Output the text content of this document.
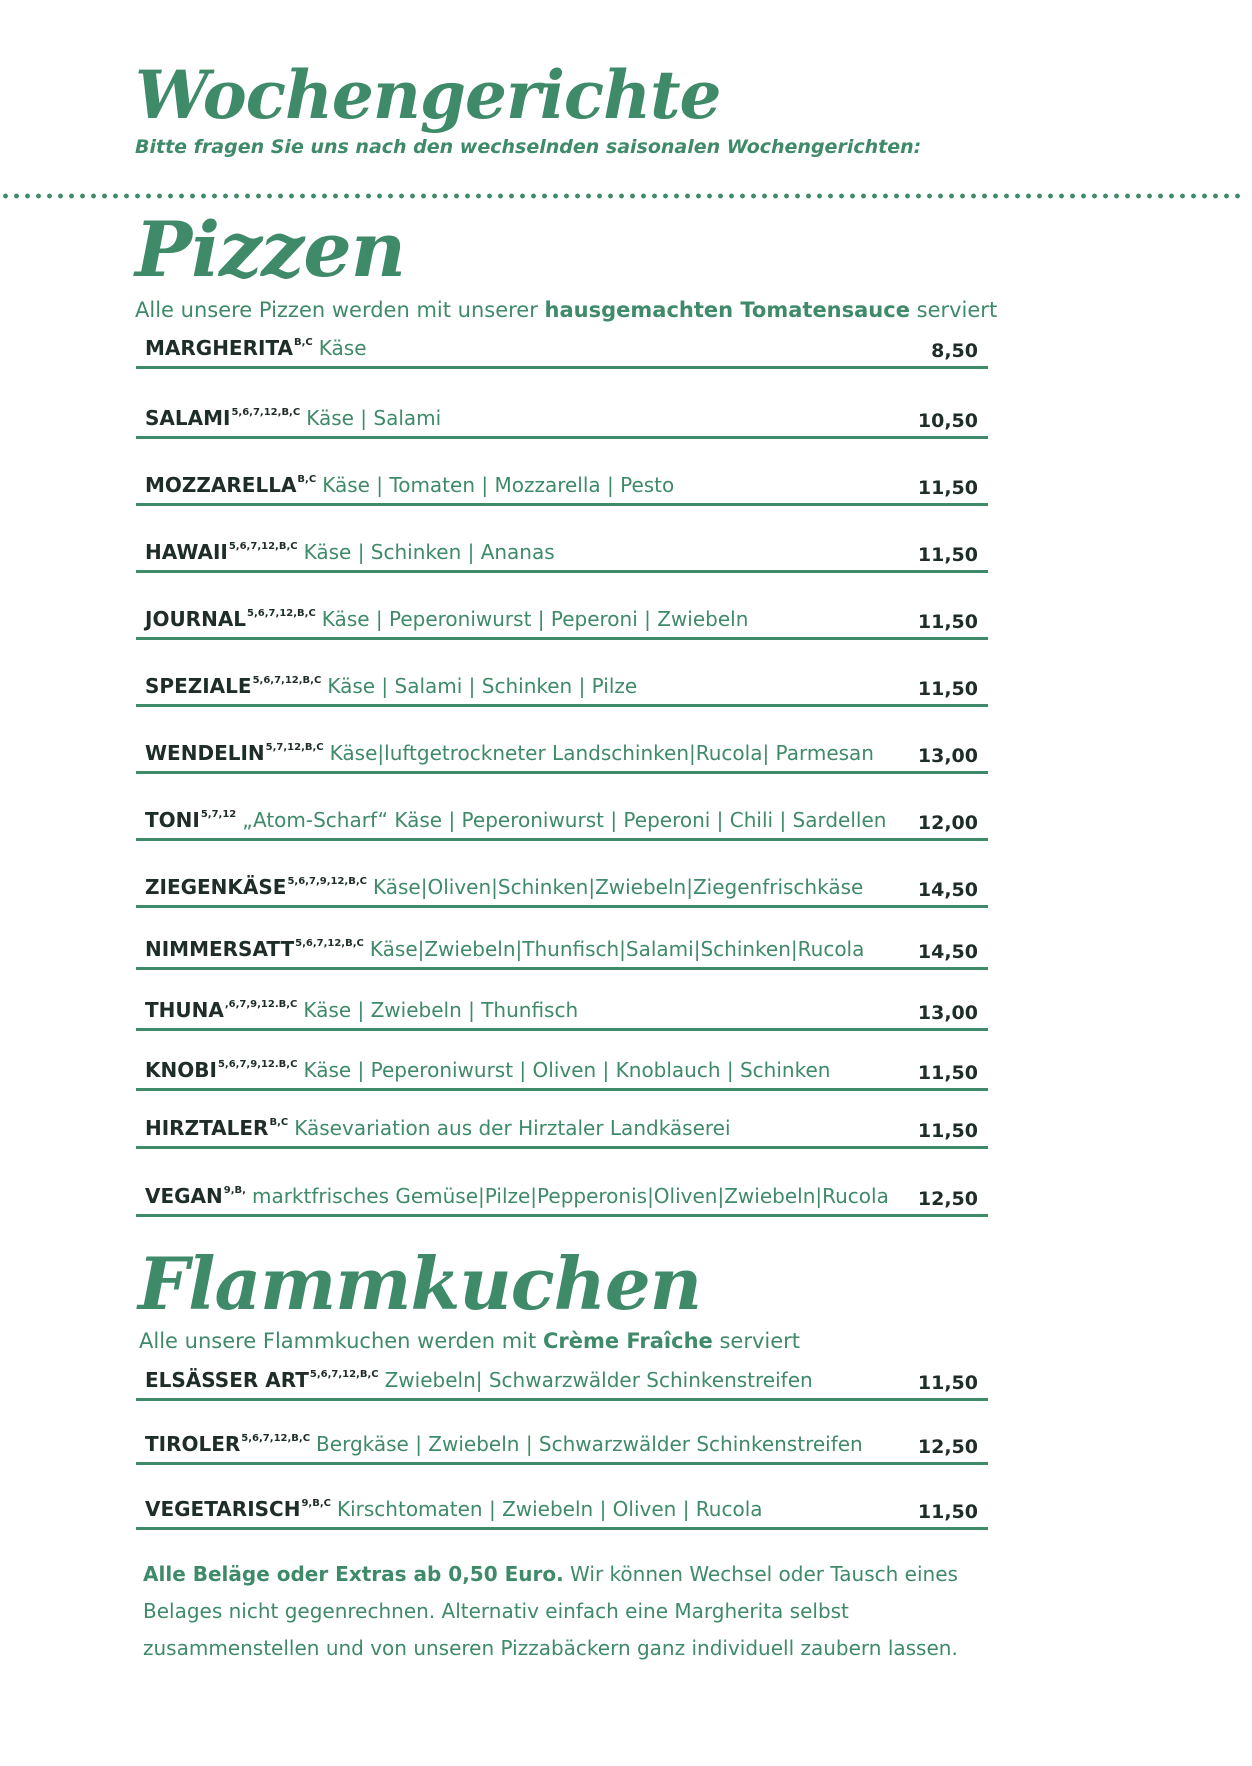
Wochengerichte
Bitte fragen Sie uns nach den wechselnden saisonalen Wochengerichten:
Pizzen
Alle unsere Pizzen werden mit unserer hausgemachten Tomatensauce serviert
$MARGHERITA^{B,C}$ Käse	8,50
$SALAMI^{5,6,7,12,B,C}$ Käse | Salami	10,50
$MOZZARELLA^{B,C}$ Käse | Tomaten | Mozzarella | Pesto	11,50
$HAWAII^{5,6,7,12,B,C}$ Käse | Schinken | Ananas	11,50
$JOURNAL^{5,6,7,12,B,C}$ Käse | Peperoniwurst | Peperoni | Zwiebeln	11,50
$SPEZIALE^{5,6,7,12,B,C}$ Käse | Salami | Schinken | Pilze	11,50
$WENDELIN^{5,7,12,B,C}$ Käse|luftgetrockneter Landschinken|Rucola| Parmesan 13,00
TONI$^{5,7,12}$ „Atom-Scharf“ Käse | Peperoniwurst | Peperoni | Chili | Sardellen 12,00
$ZIEGENKÄSE^{5,6,7,9,12,B,C}$ Käse|Oliven|Schinken|Zwiebeln|Ziegenfrischkäse	14,50
$NIMMERSATT^{5,6,7,12,B,C}$ Käse|Zwiebeln|Thunfisch|Salami|Schinken|Rucola	14,50
$THUNA^{,6,7,9,12.B,C}$ Käse | Zwiebeln | Thunfisch	13,00
$KNOBI^{5,6,7,9,12.B,C}$ Käse | Peperoniwurst | Oliven | Knoblauch | Schinken	11,50
$HIRZTALER^{B,C}$ Käsevariation aus der Hirztaler Landkäserei	11,50
$VEGAN^{9,B,}$ marktfrisches Gemüse|Pilze|Pepperonis|Oliven|Zwiebeln|Rucola 12,50
Flammkuchen
Alle unsere Flammkuchen werden mit Crème Fraîche serviert
ELSÄSSER $ART^{5,6,7,12,B,C}$ Zwiebeln| Schwarzwälder Schinkenstreifen	11,50
$TIROLER^{5,6,7,12,B,C}$ Bergkäse | Zwiebeln | Schwarzwälder Schinkenstreifen	12,50
$VEGETARISCH^{9,B,C}$ Kirschtomaten | Zwiebeln | Oliven | Rucola	11,50
Alle Beläge oder Extras ab 0,50 Euro. Wir können Wechsel oder Tausch eines Belages nicht gegenrechnen. Alternativ einfach eine Margherita selbst zusammenstellen und von unseren Pizzabäckern ganz individuell zaubern lassen.
